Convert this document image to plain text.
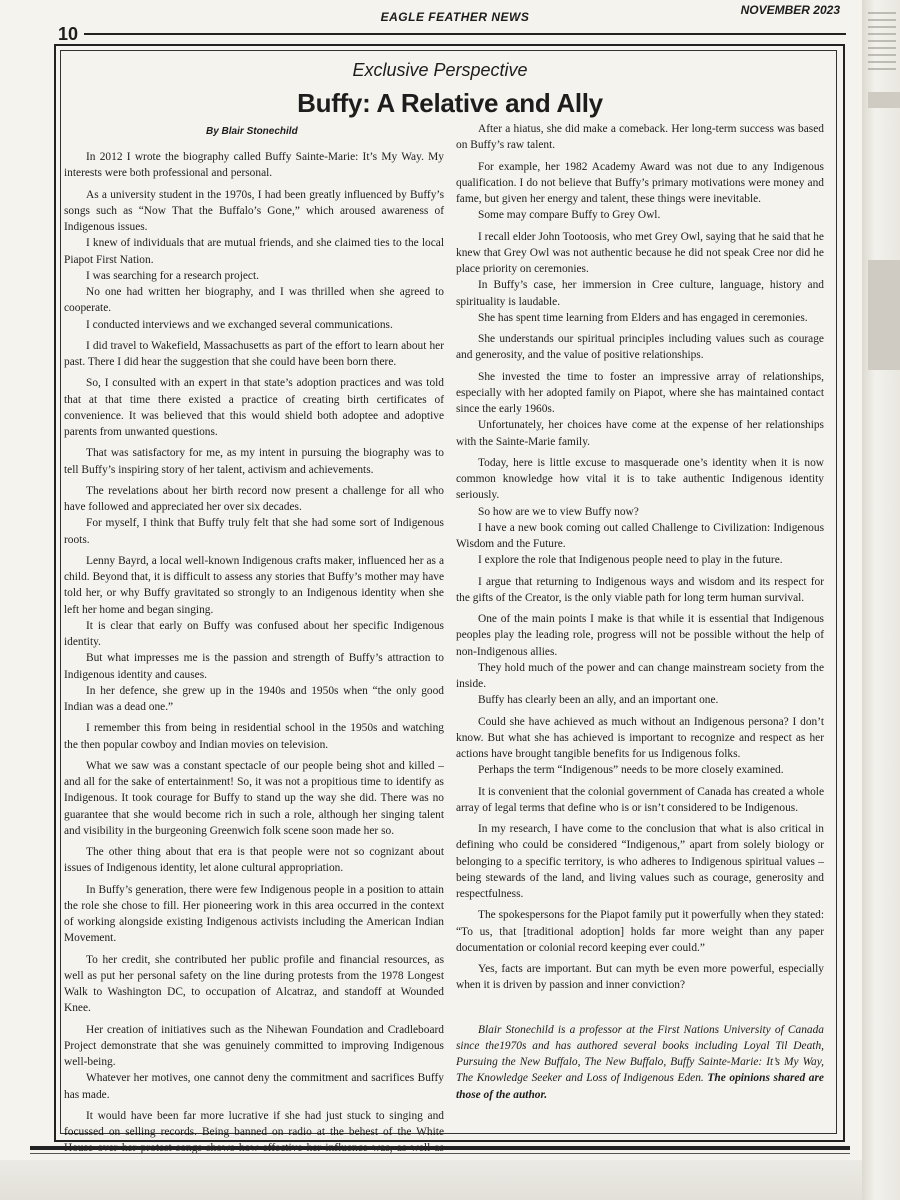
10
EAGLE FEATHER NEWS	NOVEMBER 2023
Exclusive Perspective
Buffy: A Relative and Ally
By Blair Stonechild

In 2012 I wrote the biography called Buffy Sainte-Marie: It’s My Way. My interests were both professional and personal.

As a university student in the 1970s, I had been greatly influenced by Buffy’s songs such as “Now That the Buffalo’s Gone,” which aroused awareness of Indigenous issues.

I knew of individuals that are mutual friends, and she claimed ties to the local Piapot First Nation.

I was searching for a research project.

No one had written her biography, and I was thrilled when she agreed to cooperate.

I conducted interviews and we exchanged several communications.

I did travel to Wakefield, Massachusetts as part of the effort to learn about her past. There I did hear the suggestion that she could have been born there.

So, I consulted with an expert in that state’s adoption practices and was told that at that time there existed a practice of creating birth certificates of convenience. It was believed that this would shield both adoptee and adoptive parents from unwanted questions.

That was satisfactory for me, as my intent in pursuing the biography was to tell Buffy’s inspiring story of her talent, activism and achievements.

The revelations about her birth record now present a challenge for all who have followed and appreciated her over six decades.

For myself, I think that Buffy truly felt that she had some sort of Indigenous roots.

Lenny Bayrd, a local well-known Indigenous crafts maker, influenced her as a child. Beyond that, it is difficult to assess any stories that Buffy’s mother may have told her, or why Buffy gravitated so strongly to an Indigenous identity when she left her home and began singing.

It is clear that early on Buffy was confused about her specific Indigenous identity.

But what impresses me is the passion and strength of Buffy’s attraction to Indigenous identity and causes.

In her defence, she grew up in the 1940s and 1950s when “the only good Indian was a dead one.”

I remember this from being in residential school in the 1950s and watching the then popular cowboy and Indian movies on television.

What we saw was a constant spectacle of our people being shot and killed – and all for the sake of entertainment! So, it was not a propitious time to identify as Indigenous. It took courage for Buffy to stand up the way she did. There was no guarantee that she would become rich in such a role, although her singing talent and visibility in the burgeoning Greenwich folk scene soon made her so.

The other thing about that era is that people were not so cognizant about issues of Indigenous identity, let alone cultural appropriation.

In Buffy’s generation, there were few Indigenous people in a position to attain the role she chose to fill. Her pioneering work in this area occurred in the context of working alongside existing Indigenous activists including the American Indian Movement.

To her credit, she contributed her public profile and financial resources, as well as put her personal safety on the line during protests from the 1978 Longest Walk to Washington DC, to occupation of Alcatraz, and standoff at Wounded Knee.

Her creation of initiatives such as the Nihewan Foundation and Cradleboard Project demonstrate that she was genuinely committed to improving Indigenous well-being.

Whatever her motives, one cannot deny the commitment and sacrifices Buffy has made.

It would have been far more lucrative if she had just stuck to singing and focussed on selling records. Being banned on radio at the behest of the White

After a hiatus, she did make a comeback. Her long-term success was based on Buffy’s raw talent.

For example, her 1982 Academy Award was not due to any Indigenous qualification. I do not believe that Buffy’s primary motivations were money and fame, but given her energy and talent, these things were inevitable.

Some may compare Buffy to Grey Owl.

I recall elder John Tootoosis, who met Grey Owl, saying that he said that he knew that Grey Owl was not authentic because he did not speak Cree nor did he place priority on ceremonies.

In Buffy’s case, her immersion in Cree culture, language, history and spirituality is laudable.

She has spent time learning from Elders and has engaged in ceremonies.

She understands our spiritual principles including values such as courage and generosity, and the value of positive relationships.

She invested the time to foster an impressive array of relationships, especially with her adopted family on Piapot, where she has maintained contact since the early 1960s.

Unfortunately, her choices have come at the expense of her relationships with the Sainte-Marie family.

Today, here is little excuse to masquerade one’s identity when it is now common knowledge how vital it is to take authentic Indigenous identity seriously.

So how are we to view Buffy now?

I have a new book coming out called Challenge to Civilization: Indigenous Wisdom and the Future.

I explore the role that Indigenous people need to play in the future.

I argue that returning to Indigenous ways and wisdom and its respect for the gifts of the Creator, is the only viable path for long term human survival.

One of the main points I make is that while it is essential that Indigenous peoples play the leading role, progress will not be possible without the help of non-Indigenous allies.

They hold much of the power and can change mainstream society from the inside.

Buffy has clearly been an ally, and an important one.

Could she have achieved as much without an Indigenous persona? I don’t know. But what she has achieved is important to recognize and respect as her actions have brought tangible benefits for us Indigenous folks.

Perhaps the term “Indigenous” needs to be more closely examined.

It is convenient that the colonial government of Canada has created a whole array of legal terms that define who is or isn’t considered to be Indigenous.

In my research, I have come to the conclusion that what is also critical in defining who could be considered “Indigenous,” apart from solely biology or belonging to a specific territory, is who adheres to Indigenous spiritual values – being stewards of the land, and living values such as courage, generosity and respectfulness.

The spokespersons for the Piapot family put it powerfully when they stated: “To us, that [traditional adoption] holds far more weight than any paper documentation or colonial record keeping ever could.”

Yes, facts are important. But can myth be even more powerful, especially when it is driven by passion and inner conviction?

Blair Stonechild is a professor at the First Nations University of Canada since the1970s and has authored several books including Loyal Til Death, Pursuing the New Buffalo, The New Buffalo, Buffy Sainte-Marie: It’s My Way, The Knowledge Seeker and Loss of Indigenous Eden. The opinions shared are those of the author.
